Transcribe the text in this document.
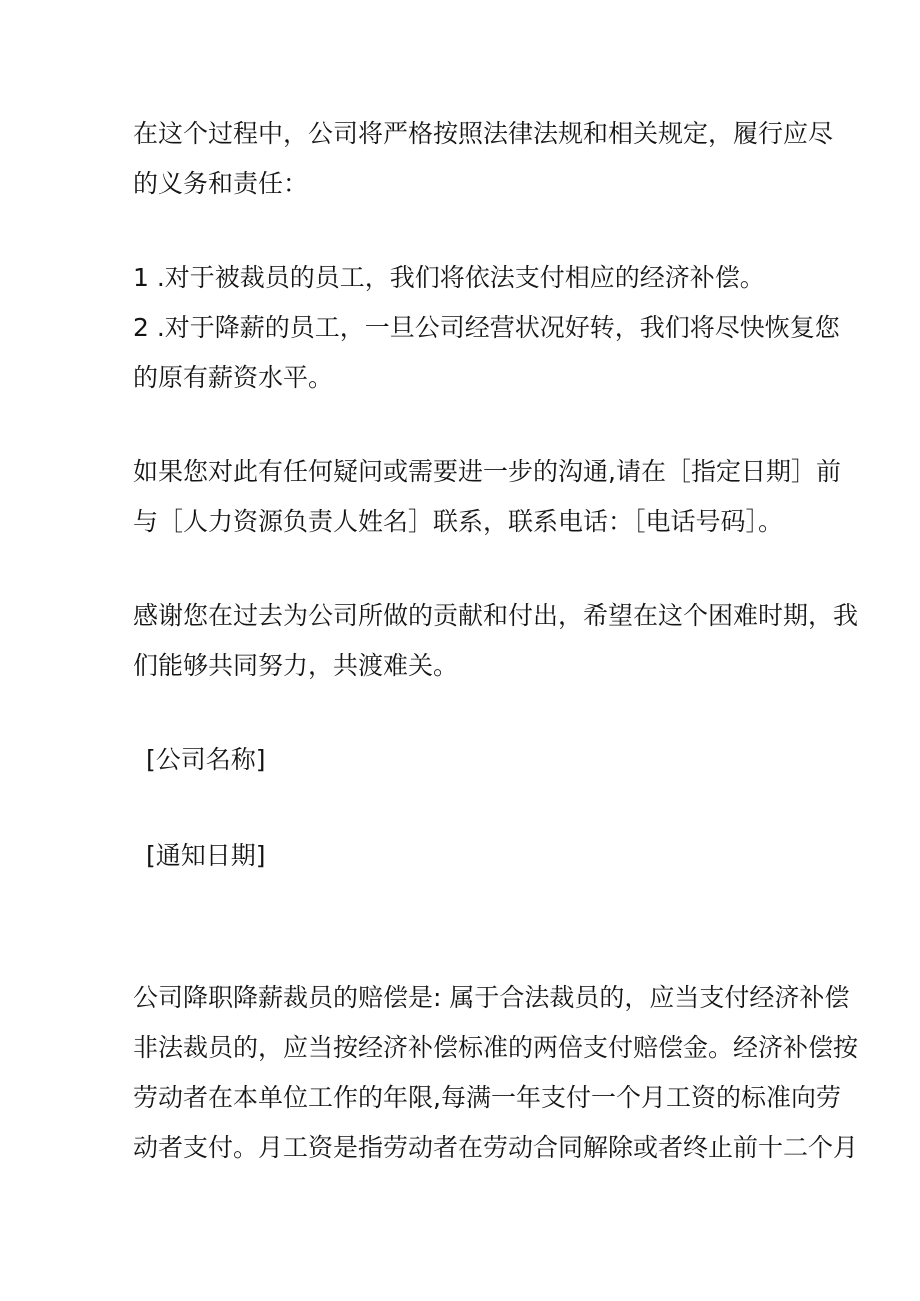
在这个过程中，公司将严格按照法律法规和相关规定，履行应尽
的义务和责任：
1 .对于被裁员的员工，我们将依法支付相应的经济补偿。
2 .对于降薪的员工，一旦公司经营状况好转，我们将尽快恢复您
的原有薪资水平。
如果您对此有任何疑问或需要进一步的沟通,请在［指定日期］前
与［人力资源负责人姓名］联系，联系电话：［电话号码］。
感谢您在过去为公司所做的贡献和付出，希望在这个困难时期，我
们能够共同努力，共渡难关。
[公司名称]
[通知日期]
公司降职降薪裁员的赔偿是: 属于合法裁员的，应当支付经济补偿
非法裁员的，应当按经济补偿标准的两倍支付赔偿金。经济补偿按
劳动者在本单位工作的年限,每满一年支付一个月工资的标准向劳
动者支付。月工资是指劳动者在劳动合同解除或者终止前十二个月
